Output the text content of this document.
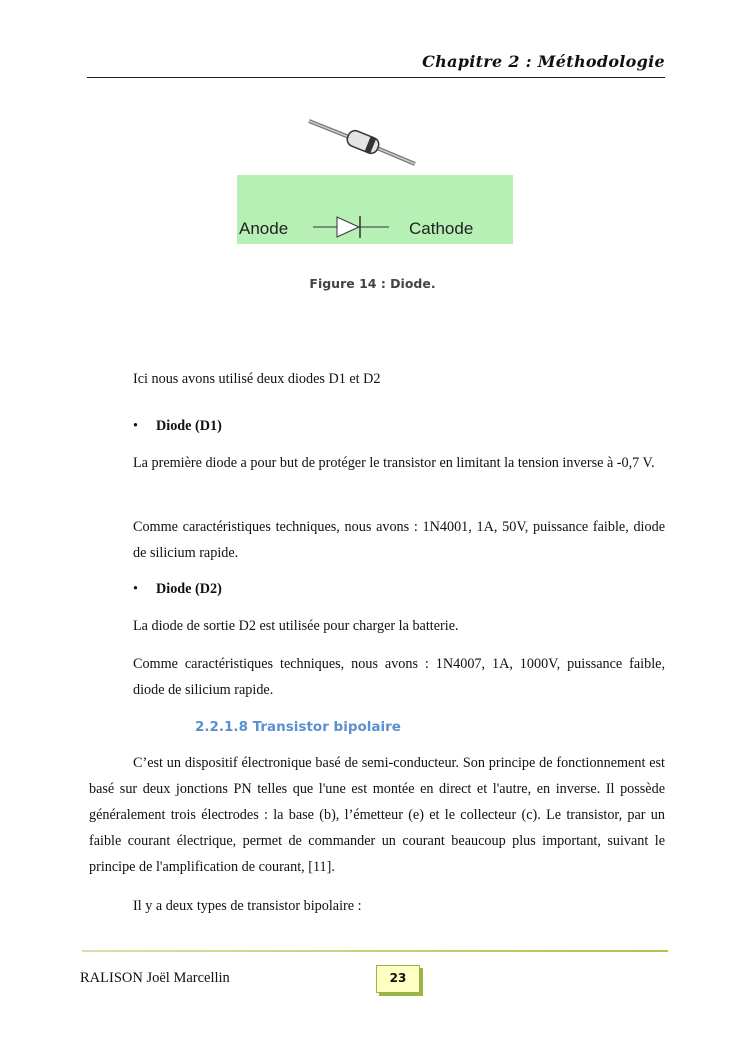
Chapitre 2 : Méthodologie
Anode	Cathode
Figure 14 : Diode.
Ici nous avons utilisé deux diodes D1 et D2
• Diode (D1)
La première diode a pour but de protéger le transistor en limitant la tension inverse à -0,7 V.
Comme caractéristiques techniques, nous avons : 1N4001, 1A, 50V, puissance faible, diode de silicium rapide.
• Diode (D2)
La diode de sortie D2 est utilisée pour charger la batterie.
Comme caractéristiques techniques, nous avons : 1N4007, 1A, 1000V, puissance faible, diode de silicium rapide.
2.2.1.8 Transistor bipolaire
C’est un dispositif électronique basé de semi-conducteur. Son principe de fonctionnement est basé sur deux jonctions PN telles que l'une est montée en direct et l'autre, en inverse. Il possède généralement trois électrodes : la base (b), l’émetteur (e) et le collecteur (c). Le transistor, par un faible courant électrique, permet de commander un courant beaucoup plus important, suivant le principe de l'amplification de courant, [11].
Il y a deux types de transistor bipolaire :
RALISON Joël Marcellin	23
